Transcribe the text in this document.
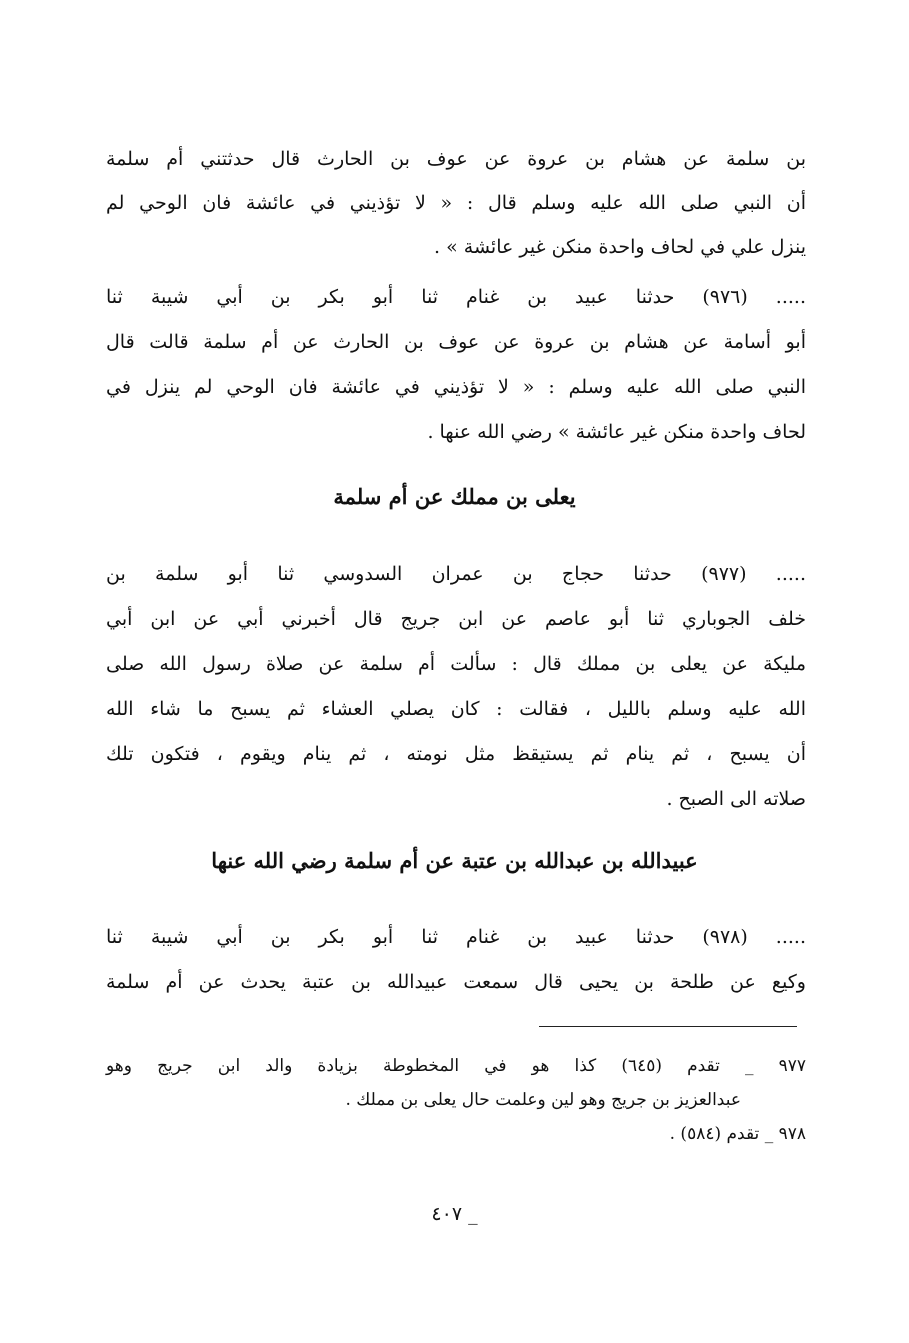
بن سلمة عن هشام بن عروة عن عوف بن الحارث قال حدثتني أم سلمة
أن النبي صلى الله عليه وسلم قال : « لا تؤذيني في عائشة فان الوحي لم
ينزل علي في لحاف واحدة منكن غير عائشة » .
..... (٩٧٦) حدثنا عبيد بن غنام ثنا أبو بكر بن أبي شيبة ثنا
أبو أسامة عن هشام بن عروة عن عوف بن الحارث عن أم سلمة قالت قال
النبي صلى الله عليه وسلم : « لا تؤذيني في عائشة فان الوحي لم ينزل في
لحاف واحدة منكن غير عائشة » رضي الله عنها .
يعلى بن مملك عن أم سلمة
..... (٩٧٧) حدثنا حجاج بن عمران السدوسي ثنا أبو سلمة بن
خلف الجوباري ثنا أبو عاصم عن ابن جريج قال أخبرني أبي عن ابن أبي
مليكة عن يعلى بن مملك قال : سألت أم سلمة عن صلاة رسول الله صلى
الله عليه وسلم بالليل ، فقالت : كان يصلي العشاء ثم يسبح ما شاء الله
أن يسبح ، ثم ينام ثم يستيقظ مثل نومته ، ثم ينام ويقوم ، فتكون تلك
صلاته الى الصبح .
عبيدالله بن عبدالله بن عتبة عن أم سلمة رضي الله عنها
..... (٩٧٨) حدثنا عبيد بن غنام ثنا أبو بكر بن أبي شيبة ثنا
وكيع عن طلحة بن يحيى قال سمعت عبيدالله بن عتبة يحدث عن أم سلمة
٩٧٧ _ تقدم (٦٤٥) كذا هو في المخطوطة بزيادة والد ابن جريج وهو
عبدالعزيز بن جريج وهو لين وعلمت حال يعلى بن مملك .
٩٧٨ _ تقدم (٥٨٤) .
_ ٤٠٧
